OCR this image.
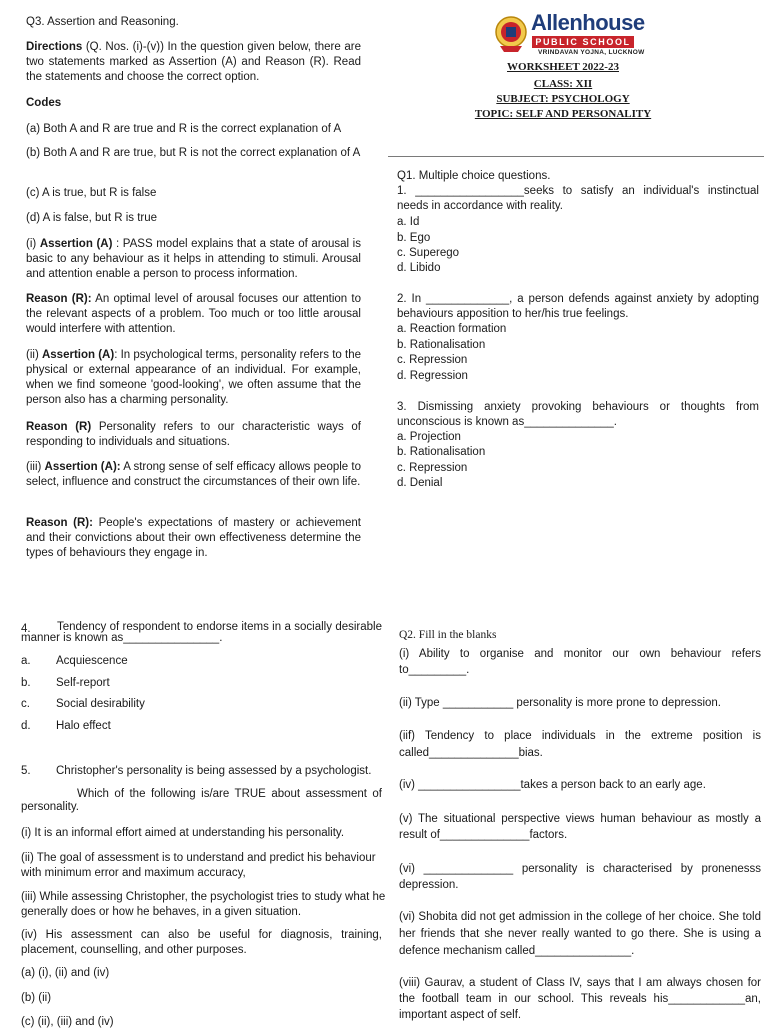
Allenhouse
PUBLIC SCHOOL
VRINDAVAN YOJNA, LUCKNOW

WORKSHEET 2022-23

CLASS: XII

SUBJECT: PSYCHOLOGY

TOPIC: SELF AND PERSONALITY

Q3. Assertion and Reasoning.

Directions (Q. Nos. (i)-(v)) In the question given below, there are two statements marked as Assertion (A) and Reason (R). Read the statements and choose the correct option.

Codes

(a) Both A and R are true and R is the correct explanation of A

(b) Both A and R are true, but R is not the correct explanation of A

(c) A is true, but R is false

(d) A is false, but R is true

(i) Assertion (A) : PASS model explains that a state of arousal is basic to any behaviour as it helps in attending to stimuli. Arousal and attention enable a person to process information.

Reason (R): An optimal level of arousal focuses our attention to the relevant aspects of a problem. Too much or too little arousal would interfere with attention.

(ii) Assertion (A): In psychological terms, personality refers to the physical or external appearance of an individual. For example, when we find someone 'good-looking', we often assume that the person also has a charming personality.

Reason (R) Personality refers to our characteristic ways of responding to individuals and situations.

(iii) Assertion (A): A strong sense of self efficacy allows people to select, influence and construct the circumstances of their own life.

Reason (R): People's expectations of mastery or achievement and their convictions about their own effectiveness determine the types of behaviours they engage in.

Q1. Multiple choice questions.

1. _________________seeks to satisfy an individual's instinctual needs in accordance with reality.

a. Id
b. Ego
c. Superego
d. Libido

2. In _____________, a person defends against anxiety by adopting behaviours apposition to her/his true feelings.

a. Reaction formation
b. Rationalisation
c. Repression
d. Regression

3. Dismissing anxiety provoking behaviours or thoughts from unconscious is known as______________.

a. Projection
b. Rationalisation
c. Repression
d. Denial
4.	Tendency of respondent to endorse items in a socially desirable manner is known as_______________.

a. Acquiescence
b. Self-report
c. Social desirability
d. Halo effect
5. Christopher's personality is being assessed by a psychologist.

Which of the following is/are TRUE about assessment of personality.

(i) It is an informal effort aimed at understanding his personality.

(ii) The goal of assessment is to understand and predict his behaviour with minimum error and maximum accuracy,

(iii) While assessing Christopher, the psychologist tries to study what he generally does or how he behaves, in a given situation.

(iv) His assessment can also be useful for diagnosis, training, placement, counselling, and other purposes.

(a) (i), (ii) and (iv)
(b) (ii)
(c) (ii), (iii) and (iv)

Q2. Fill in the blanks

(i) Ability to organise and monitor our own behaviour refers to_________.

(ii) Type ___________ personality is more prone to depression.

(iif) Tendency to place individuals in the extreme position is called______________bias.

(iv) ________________takes a person back to an early age.

(v) The situational perspective views human behaviour as mostly a result of______________factors.

(vi) ______________ personality is characterised by pronenesss depression.

(vi) Shobita did not get admission in the college of her choice. She told her friends that she never really wanted to go there. She is using a defence mechanism called_______________.

(viii) Gaurav, a student of Class IV, says that I am always chosen for the football team in our school. This reveals his____________an, important aspect of self.
